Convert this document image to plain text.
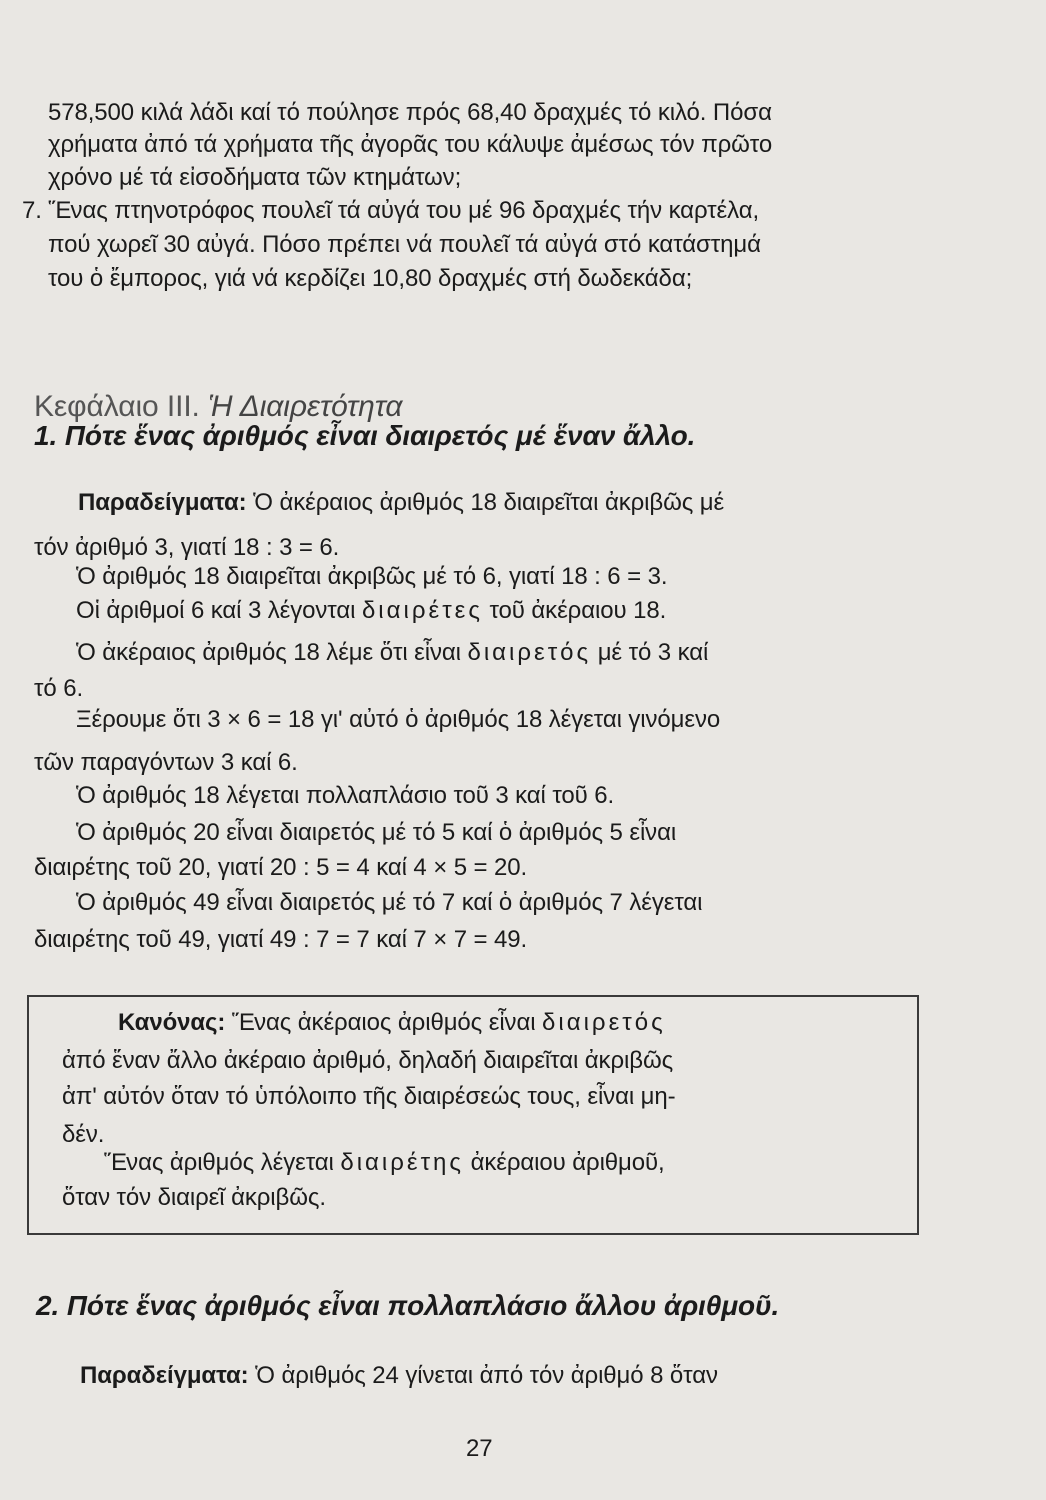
578,500 κιλά λάδι καί τό πούλησε πρός 68,40 δραχμές τό κιλό. Πόσα
χρήματα ἀπό τά χρήματα τῆς ἀγορᾶς του κάλυψε ἀμέσως τόν πρῶτο
χρόνο μέ τά εἰσοδήματα τῶν κτημάτων;
7. Ἕνας πτηνοτρόφος πουλεῖ τά αὐγά του μέ 96 δραχμές τήν καρτέλα,
πού χωρεῖ 30 αὐγά. Πόσο πρέπει νά πουλεῖ τά αὐγά στό κατάστημά
του ὁ ἔμπορος, γιά νά κερδίζει 10,80 δραχμές στή δωδεκάδα;
Κεφάλαιο III. Ἡ Διαιρετότητα
1. Πότε ἕνας ἀριθμός εἶναι διαιρετός μέ ἕναν ἄλλο.
Παραδείγματα: Ὁ ἀκέραιος ἀριθμός 18 διαιρεῖται ἀκριβῶς μέ
τόν ἀριθμό 3, γιατί 18 : 3 = 6.
Ὁ ἀριθμός 18 διαιρεῖται ἀκριβῶς μέ τό 6, γιατί 18 : 6 = 3.
Οἱ ἀριθμοί 6 καί 3 λέγονται διαιρέτες τοῦ ἀκέραιου 18.
Ὁ ἀκέραιος ἀριθμός 18 λέμε ὅτι εἶναι διαιρετός μέ τό 3 καί
τό 6.
Ξέρουμε ὅτι 3 × 6 = 18 γι' αὐτό ὁ ἀριθμός 18 λέγεται γινόμενο
τῶν παραγόντων 3 καί 6.
Ὁ ἀριθμός 18 λέγεται πολλαπλάσιο τοῦ 3 καί τοῦ 6.
Ὁ ἀριθμός 20 εἶναι διαιρετός μέ τό 5 καί ὁ ἀριθμός 5 εἶναι
διαιρέτης τοῦ 20, γιατί 20 : 5 = 4 καί 4 × 5 = 20.
Ὁ ἀριθμός 49 εἶναι διαιρετός μέ τό 7 καί ὁ ἀριθμός 7 λέγεται
διαιρέτης τοῦ 49, γιατί 49 : 7 = 7 καί 7 × 7 = 49.
Κανόνας: Ἕνας ἀκέραιος ἀριθμός εἶναι διαιρετός
ἀπό ἕναν ἄλλο ἀκέραιο ἀριθμό, δηλαδή διαιρεῖται ἀκριβῶς
ἀπ' αὐτόν ὅταν τό ὑπόλοιπο τῆς διαιρέσεώς τους, εἶναι μη-
δέν.
Ἕνας ἀριθμός λέγεται διαιρέτης ἀκέραιου ἀριθμοῦ,
ὅταν τόν διαιρεῖ ἀκριβῶς.
2. Πότε ἕνας ἀριθμός εἶναι πολλαπλάσιο ἄλλου ἀριθμοῦ.
Παραδείγματα: Ὁ ἀριθμός 24 γίνεται ἀπό τόν ἀριθμό 8 ὅταν
27
